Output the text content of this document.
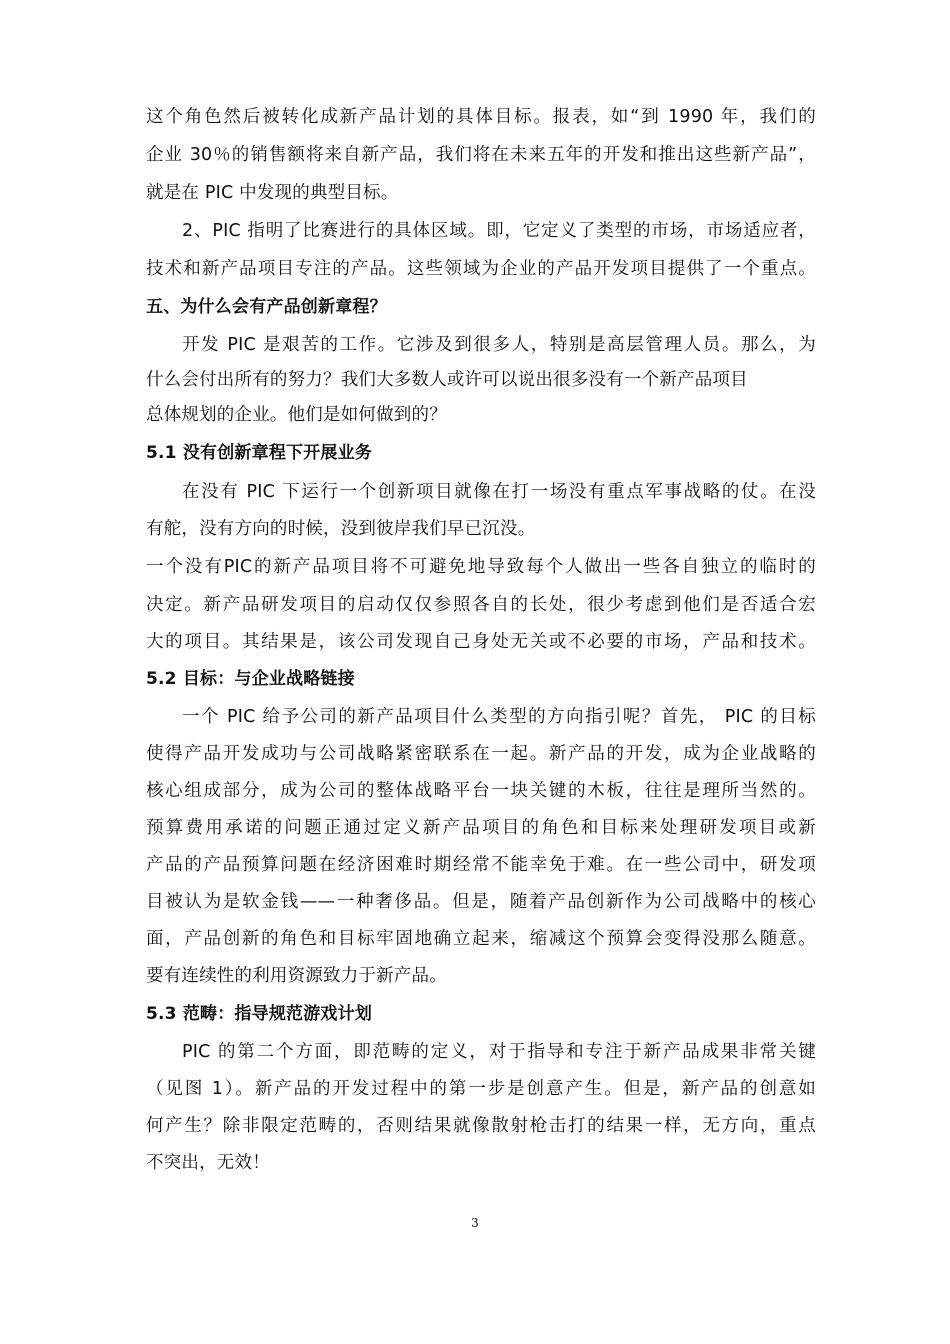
这个角色然后被转化成新产品计划的具体目标。报表，如“到 1990 年，我们的
企业 30％的销售额将来自新产品，我们将在未来五年的开发和推出这些新产品”，
就是在 PIC 中发现的典型目标。
2、PIC 指明了比赛进行的具体区域。即，它定义了类型的市场，市场适应者，
技术和新产品项目专注的产品。这些领域为企业的产品开发项目提供了一个重点。
五、为什么会有产品创新章程？
开发 PIC 是艰苦的工作。它涉及到很多人，特别是高层管理人员。那么，为
什么会付出所有的努力？我们大多数人或许可以说出很多没有一个新产品项目
总体规划的企业。他们是如何做到的？
5.1 没有创新章程下开展业务
在没有 PIC 下运行一个创新项目就像在打一场没有重点军事战略的仗。在没
有舵，没有方向的时候，没到彼岸我们早已沉没。
一个没有PIC的新产品项目将不可避免地导致每个人做出一些各自独立的临时的
决定。新产品研发项目的启动仅仅参照各自的长处，很少考虑到他们是否适合宏
大的项目。其结果是，该公司发现自己身处无关或不必要的市场，产品和技术。
5.2 目标：与企业战略链接
一个 PIC 给予公司的新产品项目什么类型的方向指引呢？首先， PIC 的目标
使得产品开发成功与公司战略紧密联系在一起。新产品的开发，成为企业战略的
核心组成部分，成为公司的整体战略平台一块关键的木板，往往是理所当然的。
预算费用承诺的问题正通过定义新产品项目的角色和目标来处理研发项目或新
产品的产品预算问题在经济困难时期经常不能幸免于难。在一些公司中，研发项
目被认为是软金钱——一种奢侈品。但是，随着产品创新作为公司战略中的核心
面，产品创新的角色和目标牢固地确立起来，缩减这个预算会变得没那么随意。
要有连续性的利用资源致力于新产品。
5.3 范畴：指导规范游戏计划
PIC 的第二个方面，即范畴的定义，对于指导和专注于新产品成果非常关键
（见图 1）。新产品的开发过程中的第一步是创意产生。但是，新产品的创意如
何产生？除非限定范畴的，否则结果就像散射枪击打的结果一样，无方向，重点
不突出，无效！
3
